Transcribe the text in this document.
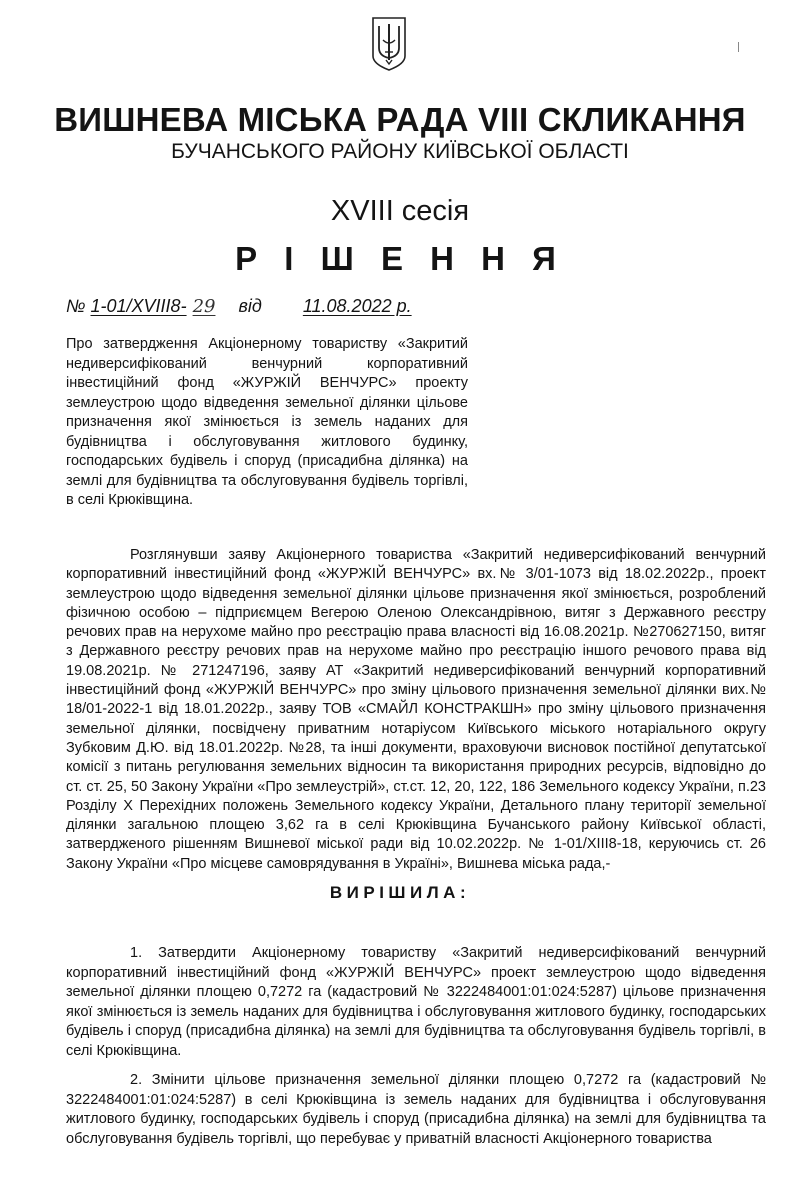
ВИШНЕВА МІСЬКА РАДА VIII СКЛИКАННЯ
БУЧАНСЬКОГО РАЙОНУ КИЇВСЬКОЇ ОБЛАСТІ
XVIII сесія
Р І Ш Е Н Н Я
№ 1-01/XVIII8- 29 від 11.08.2022 р.
Про затвердження Акціонерному товариству «Закритий недиверсифікований венчурний корпоративний інвестиційний фонд «ЖУРЖІЙ ВЕНЧУРС» проекту землеустрою щодо відведення земельної ділянки цільове призначення якої змінюється із земель наданих для будівництва і обслуговування житлового будинку, господарських будівель і споруд (присадибна ділянка) на землі для будівництва та обслуговування будівель торгівлі, в селі Крюківщина.
Розглянувши заяву Акціонерного товариства «Закритий недиверсифікований венчурний корпоративний інвестиційний фонд «ЖУРЖІЙ ВЕНЧУРС» вх.№ 3/01-1073 від 18.02.2022р., проект землеустрою щодо відведення земельної ділянки цільове призначення якої змінюється, розроблений фізичною особою – підприємцем Вегерою Оленою Олександрівною, витяг з Державного реєстру речових прав на нерухоме майно про реєстрацію права власності від 16.08.2021р. №270627150, витяг з Державного реєстру речових прав на нерухоме майно про реєстрацію іншого речового права від 19.08.2021р. № 271247196, заяву АТ «Закритий недиверсифікований венчурний корпоративний інвестиційний фонд «ЖУРЖІЙ ВЕНЧУРС» про зміну цільового призначення земельної ділянки вих.№ 18/01-2022-1 від 18.01.2022р., заяву ТОВ «СМАЙЛ КОНСТРАКШН» про зміну цільового призначення земельної ділянки, посвідчену приватним нотаріусом Київського міського нотаріального округу Зубковим Д.Ю. від 18.01.2022р. №28, та інші документи, враховуючи висновок постійної депутатської комісії з питань регулювання земельних відносин та використання природних ресурсів, відповідно до ст. ст. 25, 50 Закону України «Про землеустрій», ст.ст. 12, 20, 122, 186 Земельного кодексу України, п.23 Розділу X Перехідних положень Земельного кодексу України, Детального плану території земельної ділянки загальною площею 3,62 га в селі Крюківщина Бучанського району Київської області, затвердженого рішенням Вишневої міської ради від 10.02.2022р. № 1-01/XIII8-18, керуючись ст. 26 Закону України «Про місцеве самоврядування в Україні», Вишнева міська рада,-
ВИРІШИЛА:
1. Затвердити Акціонерному товариству «Закритий недиверсифікований венчурний корпоративний інвестиційний фонд «ЖУРЖІЙ ВЕНЧУРС» проект землеустрою щодо відведення земельної ділянки площею 0,7272 га (кадастровий № 3222484001:01:024:5287) цільове призначення якої змінюється із земель наданих для будівництва і обслуговування житлового будинку, господарських будівель і споруд (присадибна ділянка) на землі для будівництва та обслуговування будівель торгівлі, в селі Крюківщина.
2. Змінити цільове призначення земельної ділянки площею 0,7272 га (кадастровий № 3222484001:01:024:5287) в селі Крюківщина із земель наданих для будівництва і обслуговування житлового будинку, господарських будівель і споруд (присадибна ділянка) на землі для будівництва та обслуговування будівель торгівлі, що перебуває у приватній власності Акціонерного товариства
